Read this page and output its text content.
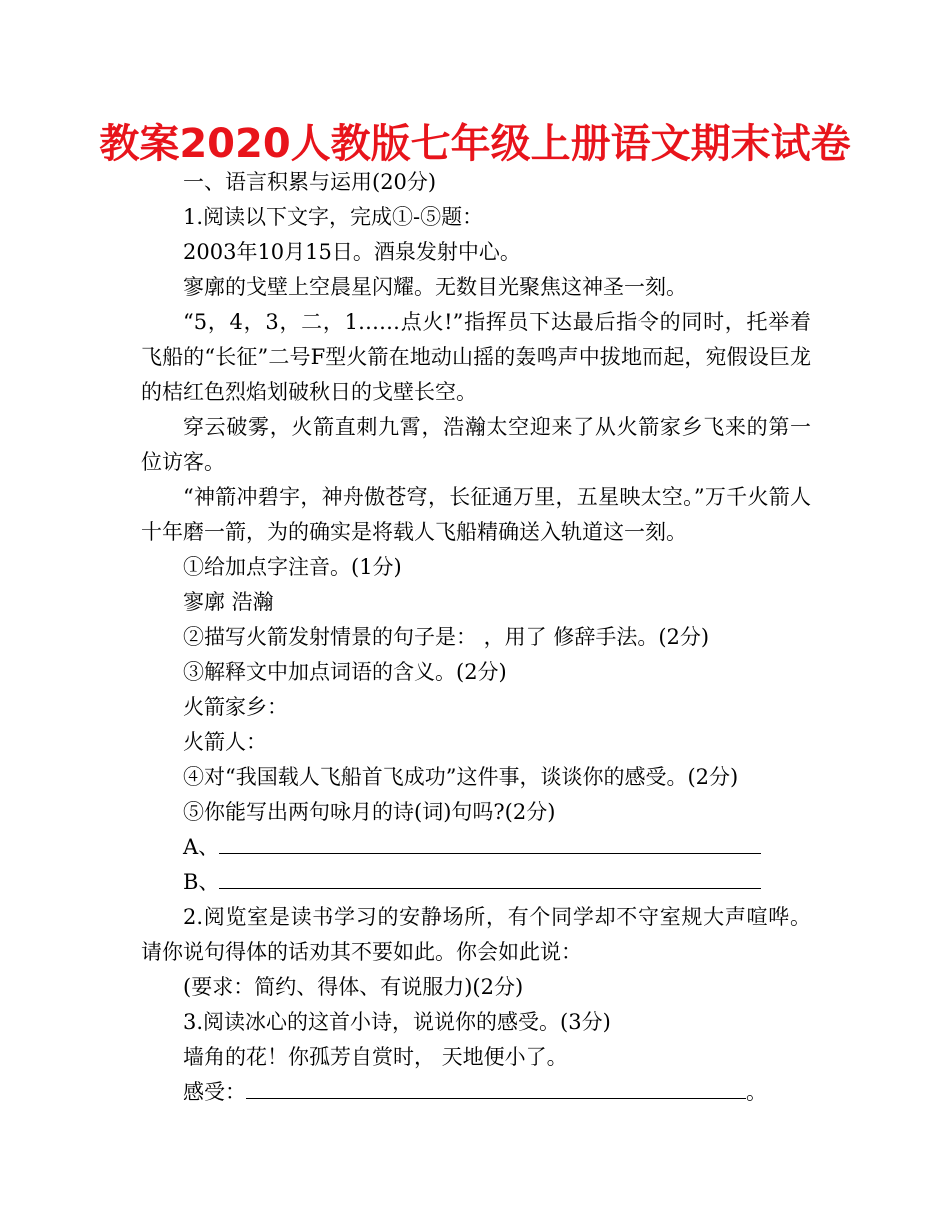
教案2020人教版七年级上册语文期末试卷

一、语言积累与运用(20分)

1.阅读以下文字，完成①-⑤题：

2003年10月15日。酒泉发射中心。

寥廓的戈壁上空晨星闪耀。无数目光聚焦这神圣一刻。

“5，4，3，二，1……点火!”指挥员下达最后指令的同时，托举着飞船的“长征”二号F型火箭在地动山摇的轰鸣声中拔地而起，宛假设巨龙的桔红色烈焰划破秋日的戈壁长空。

穿云破雾，火箭直刺九霄，浩瀚太空迎来了从火箭家乡飞来的第一位访客。

“神箭冲碧宇，神舟傲苍穹，长征通万里，五星映太空。”万千火箭人十年磨一箭，为的确实是将载人飞船精确送入轨道这一刻。

①给加点字注音。(1分)

寥廓 浩瀚

②描写火箭发射情景的句子是： ，用了 修辞手法。(2分)

③解释文中加点词语的含义。(2分)

火箭家乡：

火箭人：

④对“我国载人飞船首飞成功”这件事，谈谈你的感受。(2分)

⑤你能写出两句咏月的诗(词)句吗?(2分)

A、

B、

2.阅览室是读书学习的安静场所，有个同学却不守室规大声喧哗。请你说句得体的话劝其不要如此。你会如此说：

(要求：简约、得体、有说服力)(2分)

3.阅读冰心的这首小诗，说说你的感受。(3分)

墙角的花！你孤芳自赏时， 天地便小了。

感受：	。
